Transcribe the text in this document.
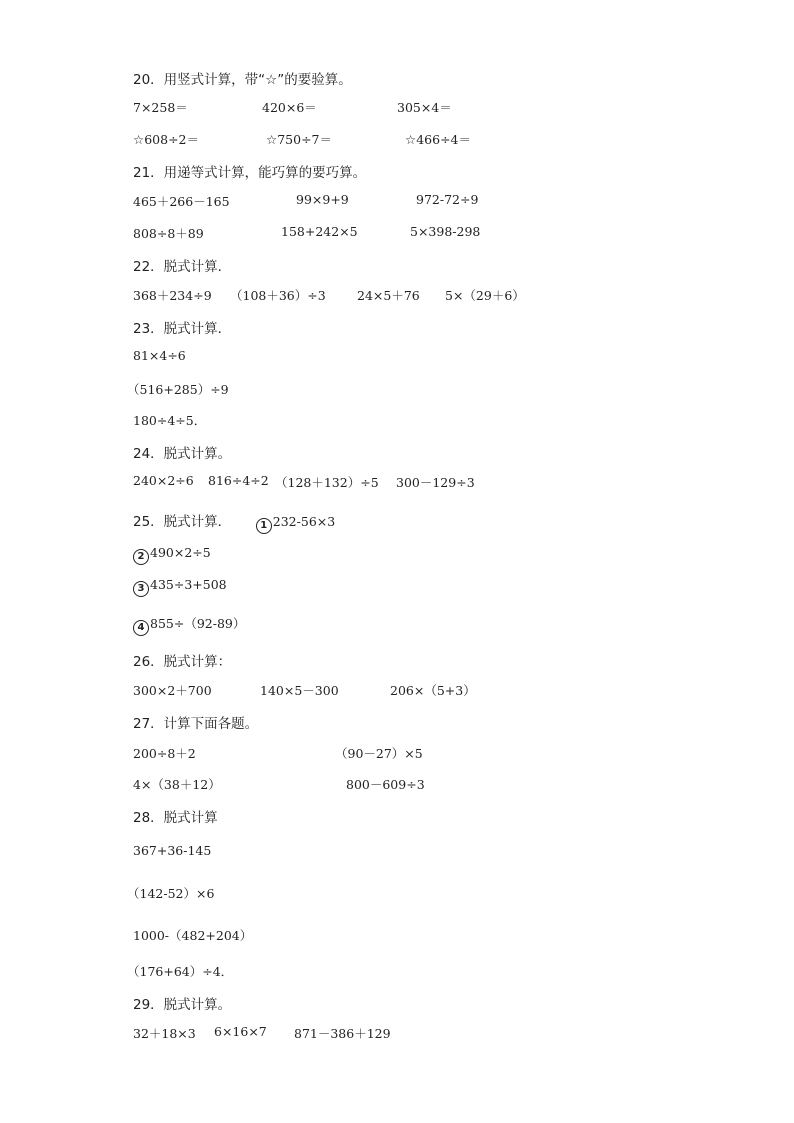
20．用竖式计算，带“☆”的要验算。
7×258＝	420×6＝	305×4＝
☆608÷2＝	☆750÷7＝	☆466÷4＝
21．用递等式计算，能巧算的要巧算。
465＋266－165	99×9+9	972-72÷9
808÷8＋89	158+242×5	5×398-298
22．脱式计算．
368＋234÷9 （108＋36）÷3	24×5＋76 5×（29＋6）
23．脱式计算．
81×4÷6
（516+285）÷9
180÷4÷5．
24．脱式计算。
240×2÷6 816÷4÷2 （128＋132）÷5 300－129÷3
25．脱式计算．	1 232-56×3
2 490×2÷5
3 435÷3+508
4 855÷（92-89）
26．脱式计算：
300×2＋700	140×5－300	206×（5+3）
27．计算下面各题。
200÷8＋2	（90－27）×5
4×（38＋12）	800－609÷3
28．脱式计算
367+36-145
（142-52）×6
1000-（482+204）
（176+64）÷4．
29．脱式计算。
32＋18×3 6×16×7 871－386＋129
